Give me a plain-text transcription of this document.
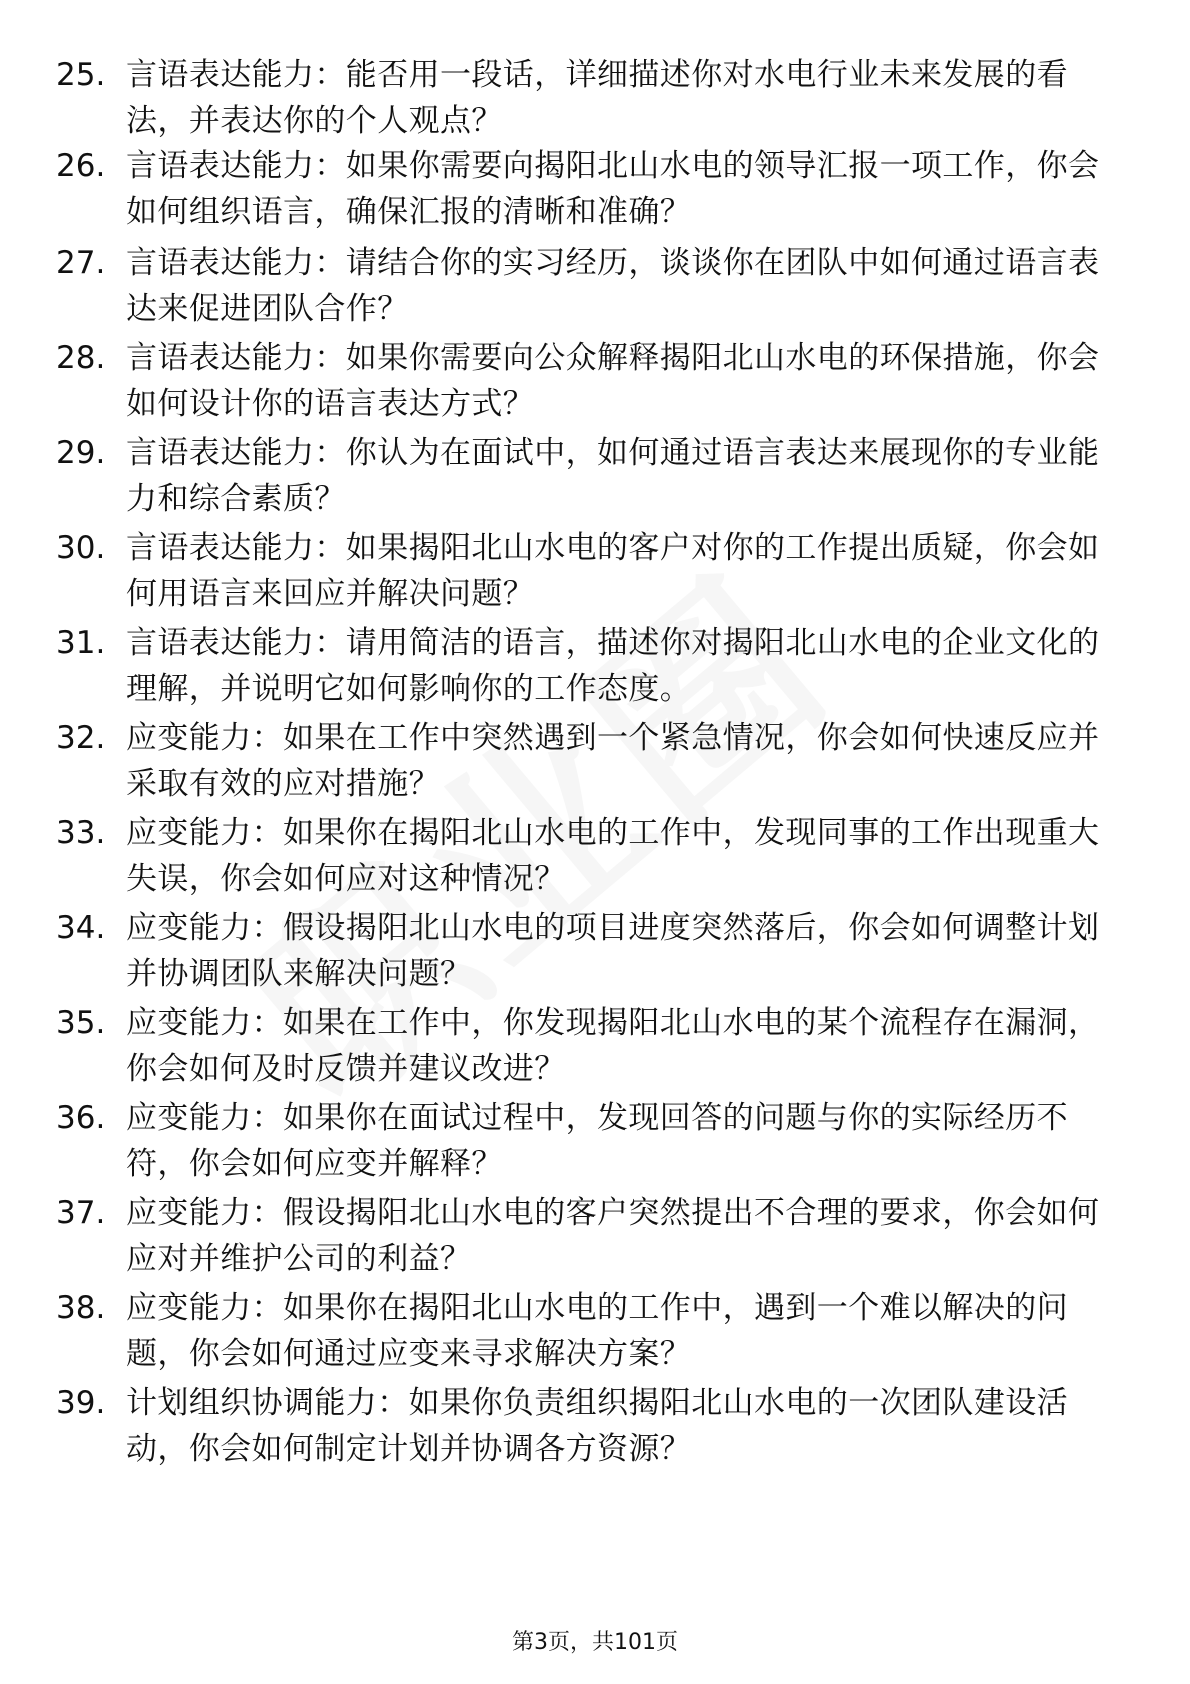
25. 言语表达能力：能否用一段话，详细描述你对水电行业未来发展的看法，并表达你的个人观点？
26. 言语表达能力：如果你需要向揭阳北山水电的领导汇报一项工作，你会如何组织语言，确保汇报的清晰和准确？
27. 言语表达能力：请结合你的实习经历，谈谈你在团队中如何通过语言表达来促进团队合作？
28. 言语表达能力：如果你需要向公众解释揭阳北山水电的环保措施，你会如何设计你的语言表达方式？
29. 言语表达能力：你认为在面试中，如何通过语言表达来展现你的专业能力和综合素质？
30. 言语表达能力：如果揭阳北山水电的客户对你的工作提出质疑，你会如何用语言来回应并解决问题？
31. 言语表达能力：请用简洁的语言，描述你对揭阳北山水电的企业文化的理解，并说明它如何影响你的工作态度。
32. 应变能力：如果在工作中突然遇到一个紧急情况，你会如何快速反应并采取有效的应对措施？
33. 应变能力：如果你在揭阳北山水电的工作中，发现同事的工作出现重大失误，你会如何应对这种情况？
34. 应变能力：假设揭阳北山水电的项目进度突然落后，你会如何调整计划并协调团队来解决问题？
35. 应变能力：如果在工作中，你发现揭阳北山水电的某个流程存在漏洞，你会如何及时反馈并建议改进？
36. 应变能力：如果你在面试过程中，发现回答的问题与你的实际经历不符，你会如何应变并解释？
37. 应变能力：假设揭阳北山水电的客户突然提出不合理的要求，你会如何应对并维护公司的利益？
38. 应变能力：如果你在揭阳北山水电的工作中，遇到一个难以解决的问题，你会如何通过应变来寻求解决方案？
39. 计划组织协调能力：如果你负责组织揭阳北山水电的一次团队建设活动，你会如何制定计划并协调各方资源？
第3页，共101页
